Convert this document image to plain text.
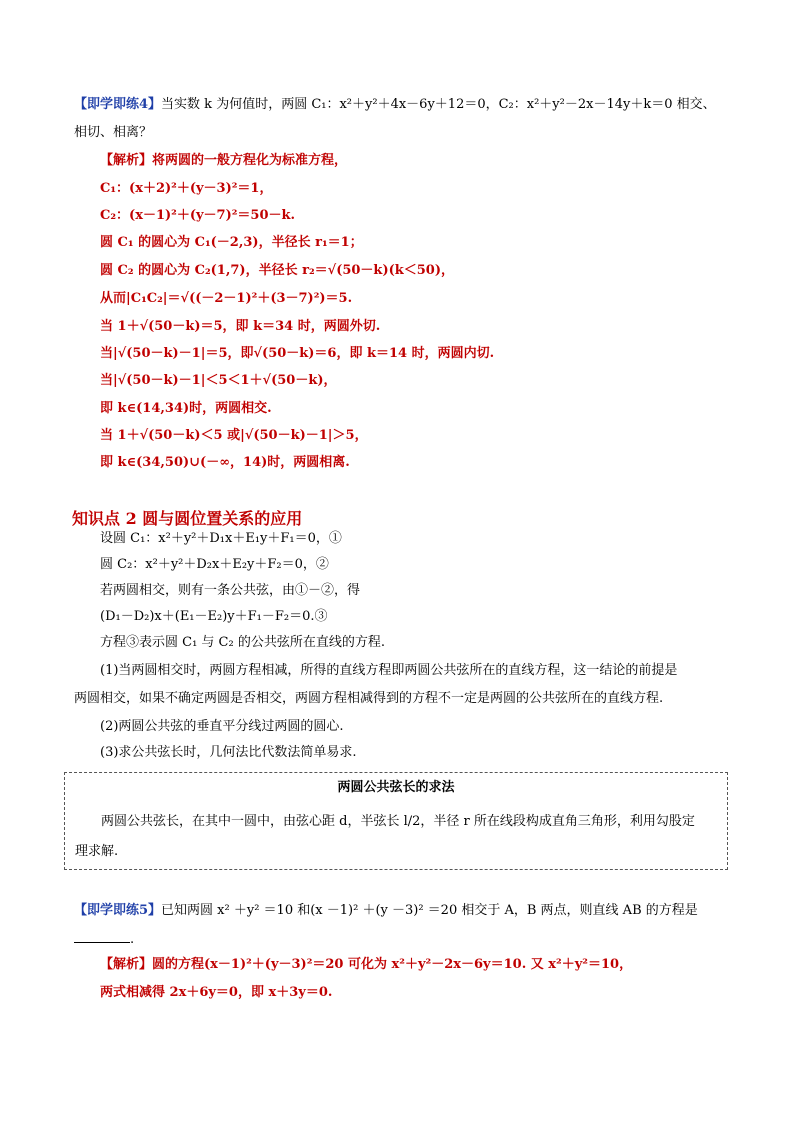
【即学即练4】当实数 k 为何值时，两圆 C₁：x²＋y²＋4x－6y＋12＝0，C₂：x²＋y²－2x－14y＋k＝0 相交、
相切、相离？
【解析】将两圆的一般方程化为标准方程，
C₁：(x＋2)²＋(y－3)²＝1，
C₂：(x－1)²＋(y－7)²＝50－k.
圆 C₁ 的圆心为 C₁(－2,3)，半径长 r₁＝1；
圆 C₂ 的圆心为 C₂(1,7)，半径长 r₂＝√(50－k)(k＜50)，
从而|C₁C₂|＝√((－2－1)²＋(3－7)²)＝5.
当 1＋√(50－k)＝5，即 k＝34 时，两圆外切.
当|√(50－k)－1|＝5，即√(50－k)＝6，即 k＝14 时，两圆内切.
当|√(50－k)－1|＜5＜1＋√(50－k)，
即 k∈(14,34)时，两圆相交.
当 1＋√(50－k)＜5 或|√(50－k)－1|＞5，
即 k∈(34,50)∪(－∞，14)时，两圆相离.
知识点 2 圆与圆位置关系的应用
设圆 C₁：x²＋y²＋D₁x＋E₁y＋F₁＝0，①
圆 C₂：x²＋y²＋D₂x＋E₂y＋F₂＝0，②
若两圆相交，则有一条公共弦，由①－②，得
(D₁－D₂)x＋(E₁－E₂)y＋F₁－F₂＝0.③
方程③表示圆 C₁ 与 C₂ 的公共弦所在直线的方程.
(1)当两圆相交时，两圆方程相减，所得的直线方程即两圆公共弦所在的直线方程，这一结论的前提是
两圆相交，如果不确定两圆是否相交，两圆方程相减得到的方程不一定是两圆的公共弦所在的直线方程.
(2)两圆公共弦的垂直平分线过两圆的圆心.
(3)求公共弦长时，几何法比代数法简单易求.
两圆公共弦长的求法
两圆公共弦长，在其中一圆中，由弦心距 d，半弦长 l/2，半径 r 所在线段构成直角三角形，利用勾股定
理求解.
【即学即练5】已知两圆 x² ＋y² ＝10 和(x －1)² ＋(y －3)² ＝20 相交于 A，B 两点，则直线 AB 的方程是
.
【解析】圆的方程(x－1)²＋(y－3)²＝20 可化为 x²＋y²－2x－6y＝10. 又 x²＋y²＝10，
两式相减得 2x＋6y＝0，即 x＋3y＝0.
